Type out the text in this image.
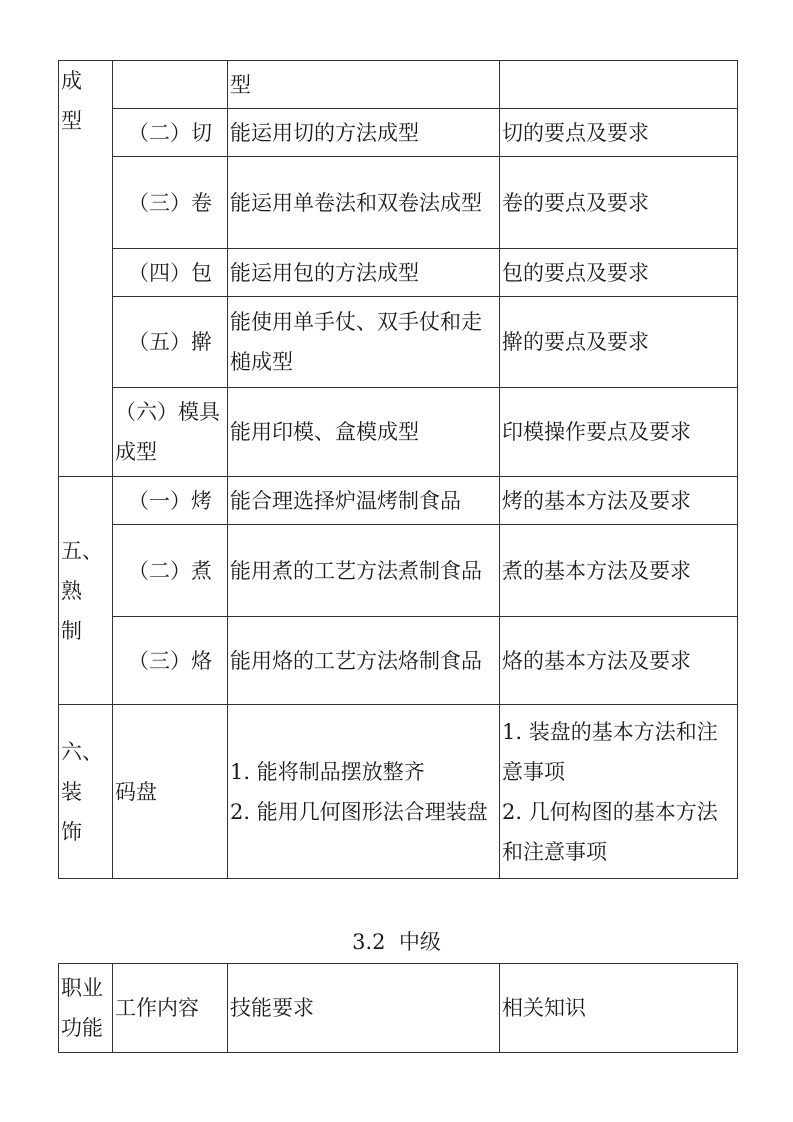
成
型		型	
	（二）切	能运用切的方法成型	切的要点及要求
	（三）卷	能运用单卷法和双卷法成型	卷的要点及要求
	（四）包	能运用包的方法成型	包的要点及要求
	（五）擀	能使用单手仗、双手仗和走槌成型	擀的要点及要求
	（六）模具成型	能用印模、盒模成型	印模操作要点及要求
五、
熟
制	（一）烤	能合理选择炉温烤制食品	烤的基本方法及要求
	（二）煮	能用煮的工艺方法煮制食品	煮的基本方法及要求
	（三）烙	能用烙的工艺方法烙制食品	烙的基本方法及要求
六、
装
饰	码盘	1. 能将制品摆放整齐
2. 能用几何图形法合理装盘	1. 装盘的基本方法和注意事项
2. 几何构图的基本方法和注意事项
3.2  中级
职业功能	工作内容	技能要求	相关知识
